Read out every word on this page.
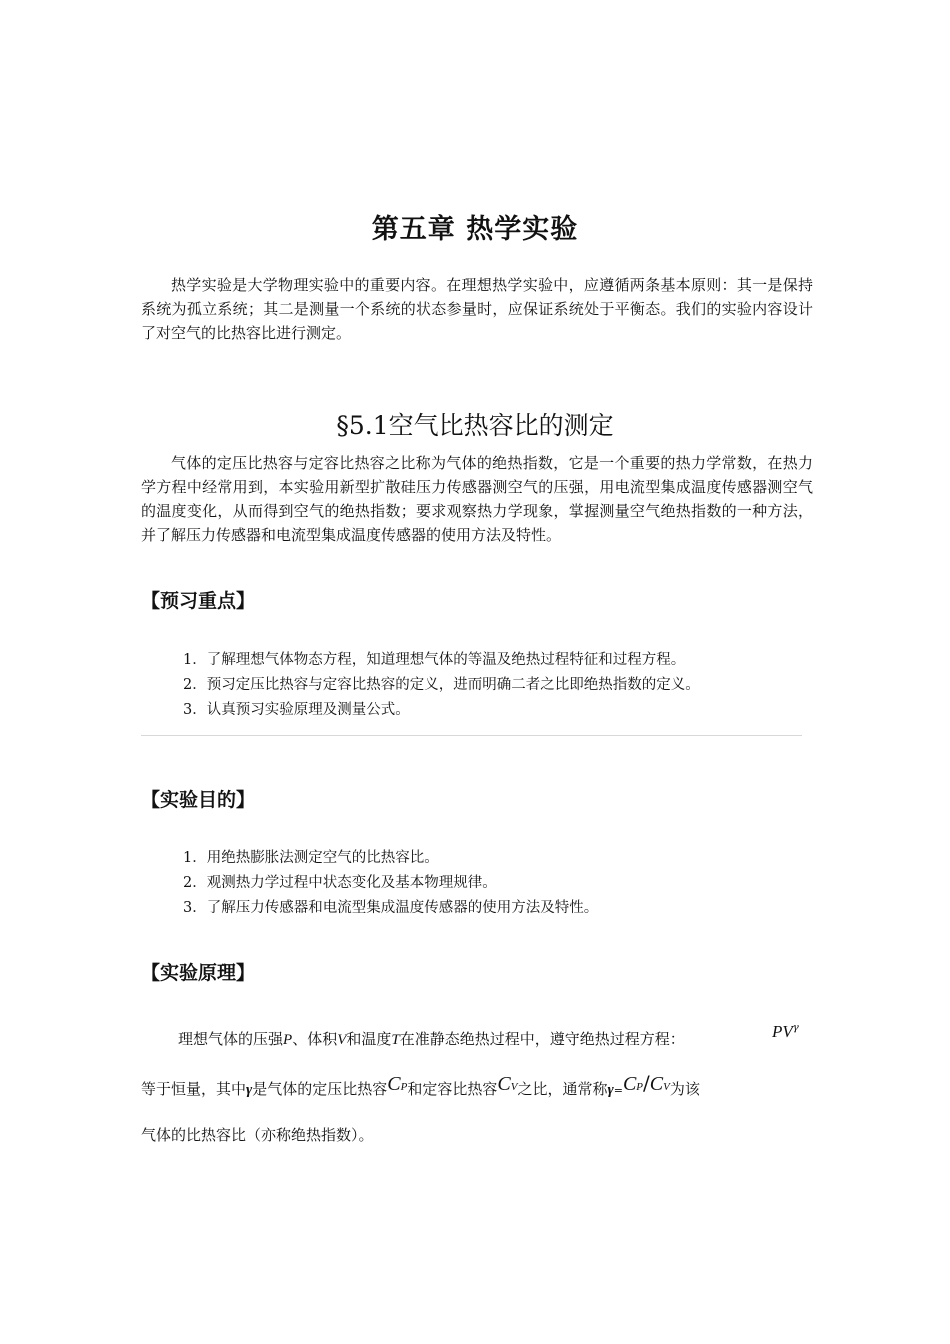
第五章 热学实验
热学实验是大学物理实验中的重要内容。在理想热学实验中，应遵循两条基本原则：其一是保持系统为孤立系统；其二是测量一个系统的状态参量时，应保证系统处于平衡态。我们的实验内容设计了对空气的比热容比进行测定。
§5.1空气比热容比的测定
气体的定压比热容与定容比热容之比称为气体的绝热指数，它是一个重要的热力学常数，在热力学方程中经常用到，本实验用新型扩散硅压力传感器测空气的压强，用电流型集成温度传感器测空气的温度变化，从而得到空气的绝热指数；要求观察热力学现象，掌握测量空气绝热指数的一种方法，并了解压力传感器和电流型集成温度传感器的使用方法及特性。
【预习重点】
1．了解理想气体物态方程，知道理想气体的等温及绝热过程特征和过程方程。
2．预习定压比热容与定容比热容的定义，进而明确二者之比即绝热指数的定义。
3．认真预习实验原理及测量公式。
【实验目的】
1．用绝热膨胀法测定空气的比热容比。
2．观测热力学过程中状态变化及基本物理规律。
3．了解压力传感器和电流型集成温度传感器的使用方法及特性。
【实验原理】
理想气体的压强P、体积V和温度T在准静态绝热过程中，遵守绝热过程方程：	$PV^\gamma$
等于恒量，其中γ是气体的定压比热容CP和定容比热容CV之比，通常称γ=CP/CV为该
气体的比热容比（亦称绝热指数）。
